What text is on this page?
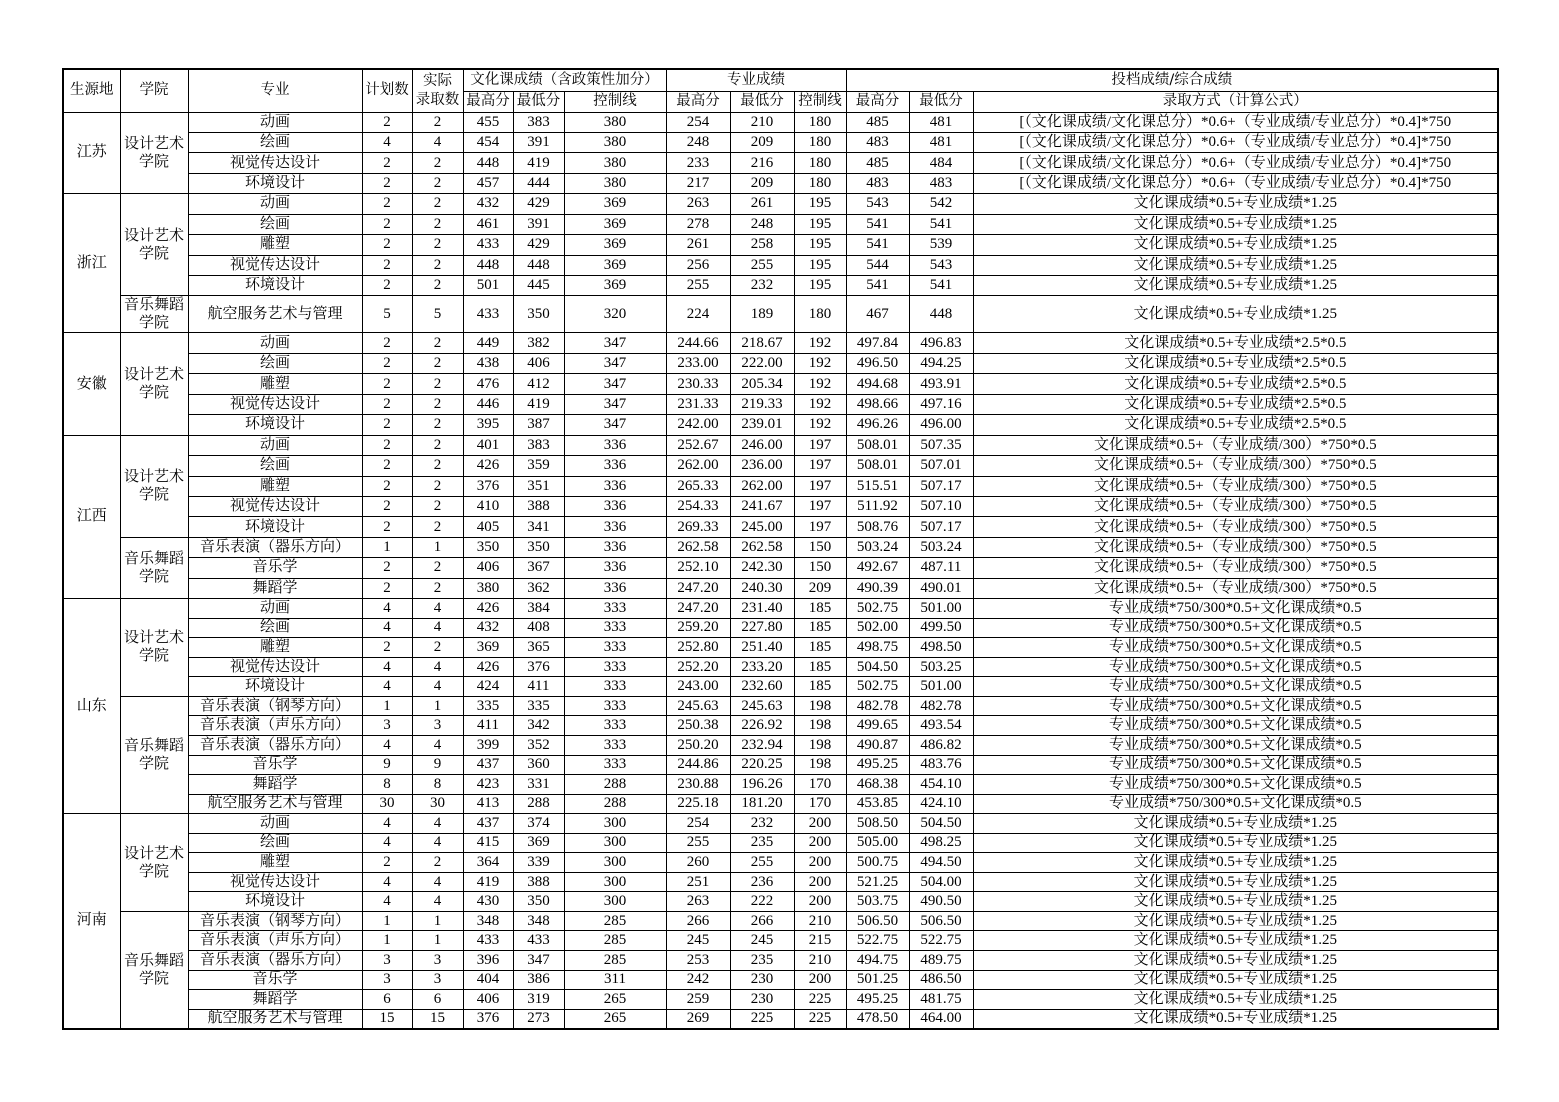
生源地	学院	专业	计划数	实际
录取数	文化课成绩（含政策性加分）			专业成绩			投档成绩/综合成绩		
					最高分	最低分	控制线	最高分	最低分	控制线	最高分	最低分	录取方式（计算公式）
江苏	设计艺术学院	动画	2	2	455	383	380	254	210	180	485	481	[（文化课成绩/文化课总分）*0.6+（专业成绩/专业总分）*0.4]*750
		绘画	4	4	454	391	380	248	209	180	483	481	[（文化课成绩/文化课总分）*0.6+（专业成绩/专业总分）*0.4]*750
		视觉传达设计	2	2	448	419	380	233	216	180	485	484	[（文化课成绩/文化课总分）*0.6+（专业成绩/专业总分）*0.4]*750
		环境设计	2	2	457	444	380	217	209	180	483	483	[（文化课成绩/文化课总分）*0.6+（专业成绩/专业总分）*0.4]*750
浙江	设计艺术学院	动画	2	2	432	429	369	263	261	195	543	542	文化课成绩*0.5+专业成绩*1.25
		绘画	2	2	461	391	369	278	248	195	541	541	文化课成绩*0.5+专业成绩*1.25
		雕塑	2	2	433	429	369	261	258	195	541	539	文化课成绩*0.5+专业成绩*1.25
		视觉传达设计	2	2	448	448	369	256	255	195	544	543	文化课成绩*0.5+专业成绩*1.25
		环境设计	2	2	501	445	369	255	232	195	541	541	文化课成绩*0.5+专业成绩*1.25
	音乐舞蹈学院	航空服务艺术与管理	5	5	433	350	320	224	189	180	467	448	文化课成绩*0.5+专业成绩*1.25
安徽	设计艺术学院	动画	2	2	449	382	347	244.66	218.67	192	497.84	496.83	文化课成绩*0.5+专业成绩*2.5*0.5
		绘画	2	2	438	406	347	233.00	222.00	192	496.50	494.25	文化课成绩*0.5+专业成绩*2.5*0.5
		雕塑	2	2	476	412	347	230.33	205.34	192	494.68	493.91	文化课成绩*0.5+专业成绩*2.5*0.5
		视觉传达设计	2	2	446	419	347	231.33	219.33	192	498.66	497.16	文化课成绩*0.5+专业成绩*2.5*0.5
		环境设计	2	2	395	387	347	242.00	239.01	192	496.26	496.00	文化课成绩*0.5+专业成绩*2.5*0.5
江西	设计艺术学院	动画	2	2	401	383	336	252.67	246.00	197	508.01	507.35	文化课成绩*0.5+（专业成绩/300）*750*0.5
		绘画	2	2	426	359	336	262.00	236.00	197	508.01	507.01	文化课成绩*0.5+（专业成绩/300）*750*0.5
		雕塑	2	2	376	351	336	265.33	262.00	197	515.51	507.17	文化课成绩*0.5+（专业成绩/300）*750*0.5
		视觉传达设计	2	2	410	388	336	254.33	241.67	197	511.92	507.10	文化课成绩*0.5+（专业成绩/300）*750*0.5
		环境设计	2	2	405	341	336	269.33	245.00	197	508.76	507.17	文化课成绩*0.5+（专业成绩/300）*750*0.5
	音乐舞蹈学院	音乐表演（器乐方向）	1	1	350	350	336	262.58	262.58	150	503.24	503.24	文化课成绩*0.5+（专业成绩/300）*750*0.5
		音乐学	2	2	406	367	336	252.10	242.30	150	492.67	487.11	文化课成绩*0.5+（专业成绩/300）*750*0.5
		舞蹈学	2	2	380	362	336	247.20	240.30	209	490.39	490.01	文化课成绩*0.5+（专业成绩/300）*750*0.5
山东	设计艺术学院	动画	4	4	426	384	333	247.20	231.40	185	502.75	501.00	专业成绩*750/300*0.5+文化课成绩*0.5
		绘画	4	4	432	408	333	259.20	227.80	185	502.00	499.50	专业成绩*750/300*0.5+文化课成绩*0.5
		雕塑	2	2	369	365	333	252.80	251.40	185	498.75	498.50	专业成绩*750/300*0.5+文化课成绩*0.5
		视觉传达设计	4	4	426	376	333	252.20	233.20	185	504.50	503.25	专业成绩*750/300*0.5+文化课成绩*0.5
		环境设计	4	4	424	411	333	243.00	232.60	185	502.75	501.00	专业成绩*750/300*0.5+文化课成绩*0.5
	音乐舞蹈学院	音乐表演（钢琴方向）	1	1	335	335	333	245.63	245.63	198	482.78	482.78	专业成绩*750/300*0.5+文化课成绩*0.5
		音乐表演（声乐方向）	3	3	411	342	333	250.38	226.92	198	499.65	493.54	专业成绩*750/300*0.5+文化课成绩*0.5
		音乐表演（器乐方向）	4	4	399	352	333	250.20	232.94	198	490.87	486.82	专业成绩*750/300*0.5+文化课成绩*0.5
		音乐学	9	9	437	360	333	244.86	220.25	198	495.25	483.76	专业成绩*750/300*0.5+文化课成绩*0.5
		舞蹈学	8	8	423	331	288	230.88	196.26	170	468.38	454.10	专业成绩*750/300*0.5+文化课成绩*0.5
		航空服务艺术与管理	30	30	413	288	288	225.18	181.20	170	453.85	424.10	专业成绩*750/300*0.5+文化课成绩*0.5
河南	设计艺术学院	动画	4	4	437	374	300	254	232	200	508.50	504.50	文化课成绩*0.5+专业成绩*1.25
		绘画	4	4	415	369	300	255	235	200	505.00	498.25	文化课成绩*0.5+专业成绩*1.25
		雕塑	2	2	364	339	300	260	255	200	500.75	494.50	文化课成绩*0.5+专业成绩*1.25
		视觉传达设计	4	4	419	388	300	251	236	200	521.25	504.00	文化课成绩*0.5+专业成绩*1.25
		环境设计	4	4	430	350	300	263	222	200	503.75	490.50	文化课成绩*0.5+专业成绩*1.25
	音乐舞蹈学院	音乐表演（钢琴方向）	1	1	348	348	285	266	266	210	506.50	506.50	文化课成绩*0.5+专业成绩*1.25
		音乐表演（声乐方向）	1	1	433	433	285	245	245	215	522.75	522.75	文化课成绩*0.5+专业成绩*1.25
		音乐表演（器乐方向）	3	3	396	347	285	253	235	210	494.75	489.75	文化课成绩*0.5+专业成绩*1.25
		音乐学	3	3	404	386	311	242	230	200	501.25	486.50	文化课成绩*0.5+专业成绩*1.25
		舞蹈学	6	6	406	319	265	259	230	225	495.25	481.75	文化课成绩*0.5+专业成绩*1.25
		航空服务艺术与管理	15	15	376	273	265	269	225	225	478.50	464.00	文化课成绩*0.5+专业成绩*1.25
